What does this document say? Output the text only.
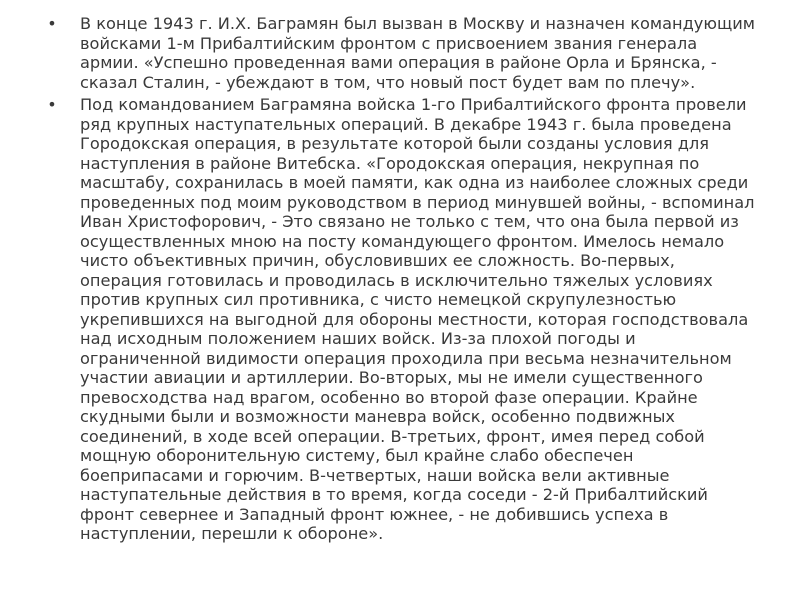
•	В конце 1943 г. И.Х. Баграмян был вызван в Москву и назначен командующим войсками 1-м Прибалтийским фронтом с присвоением звания генерала армии. «Успешно проведенная вами операция в районе Орла и Брянска, - сказал Сталин, - убеждают в том, что новый пост будет вам по плечу».
•	Под командованием Баграмяна войска 1-го Прибалтийского фронта провели ряд крупных наступательных операций. В декабре 1943 г. была проведена Городокская операция, в результате которой были созданы условия для наступления в районе Витебска. «Городокская операция, некрупная по масштабу, сохранилась в моей памяти, как одна из наиболее сложных среди проведенных под моим руководством в период минувшей войны, - вспоминал Иван Христофорович, - Это связано не только с тем, что она была первой из осуществленных мною на посту командующего фронтом. Имелось немало чисто объективных причин, обусловивших ее сложность. Во-первых, операция готовилась и проводилась в исключительно тяжелых условиях против крупных сил противника, с чисто немецкой скрупулезностью укрепившихся на выгодной для обороны местности, которая господствовала над исходным положением наших войск. Из-за плохой погоды и ограниченной видимости операция проходила при весьма незначительном участии авиации и артиллерии. Во-вторых, мы не имели существенного превосходства над врагом, особенно во второй фазе операции. Крайне скудными были и возможности маневра войск, особенно подвижных соединений, в ходе всей операции. В-третьих, фронт, имея перед собой мощную оборонительную систему, был крайне слабо обеспечен боеприпасами и горючим. В-четвертых, наши войска вели активные наступательные действия в то время, когда соседи - 2-й Прибалтийский фронт севернее и Западный фронт южнее, - не добившись успеха в наступлении, перешли к обороне».
